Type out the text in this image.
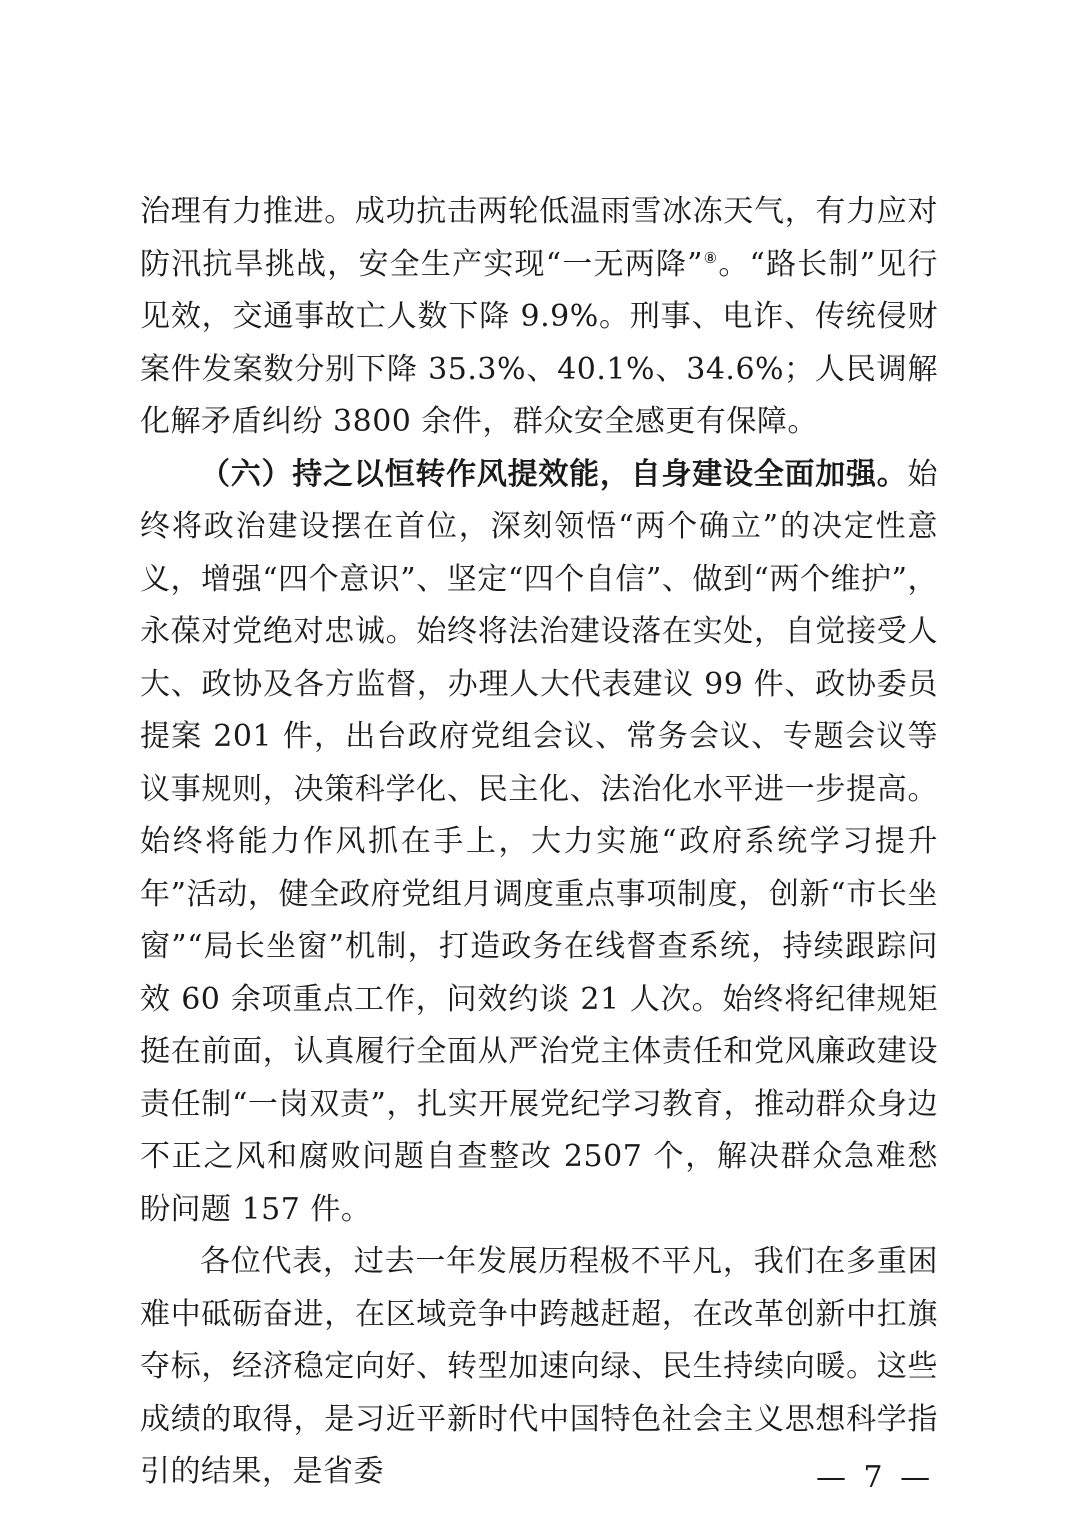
治理有力推进。成功抗击两轮低温雨雪冰冻天气，有力应对防汛抗旱挑战，安全生产实现“一无两降”⑧。“路长制”见行见效，交通事故亡人数下降 9.9%。刑事、电诈、传统侵财案件发案数分别下降 35.3%、40.1%、34.6%；人民调解化解矛盾纠纷 3800 余件，群众安全感更有保障。

（六）持之以恒转作风提效能，自身建设全面加强。始终将政治建设摆在首位，深刻领悟“两个确立”的决定性意义，增强“四个意识”、坚定“四个自信”、做到“两个维护”，永葆对党绝对忠诚。始终将法治建设落在实处，自觉接受人大、政协及各方监督，办理人大代表建议 99 件、政协委员提案 201 件，出台政府党组会议、常务会议、专题会议等议事规则，决策科学化、民主化、法治化水平进一步提高。始终将能力作风抓在手上，大力实施“政府系统学习提升年”活动，健全政府党组月调度重点事项制度，创新“市长坐窗”“局长坐窗”机制，打造政务在线督查系统，持续跟踪问效 60 余项重点工作，问效约谈 21 人次。始终将纪律规矩挺在前面，认真履行全面从严治党主体责任和党风廉政建设责任制“一岗双责”，扎实开展党纪学习教育，推动群众身边不正之风和腐败问题自查整改 2507 个，解决群众急难愁盼问题 157 件。

各位代表，过去一年发展历程极不平凡，我们在多重困难中砥砺奋进，在区域竞争中跨越赶超，在改革创新中扛旗夺标，经济稳定向好、转型加速向绿、民生持续向暖。这些成绩的取得，是习近平新时代中国特色社会主义思想科学指引的结果，是省委	— 7 —
